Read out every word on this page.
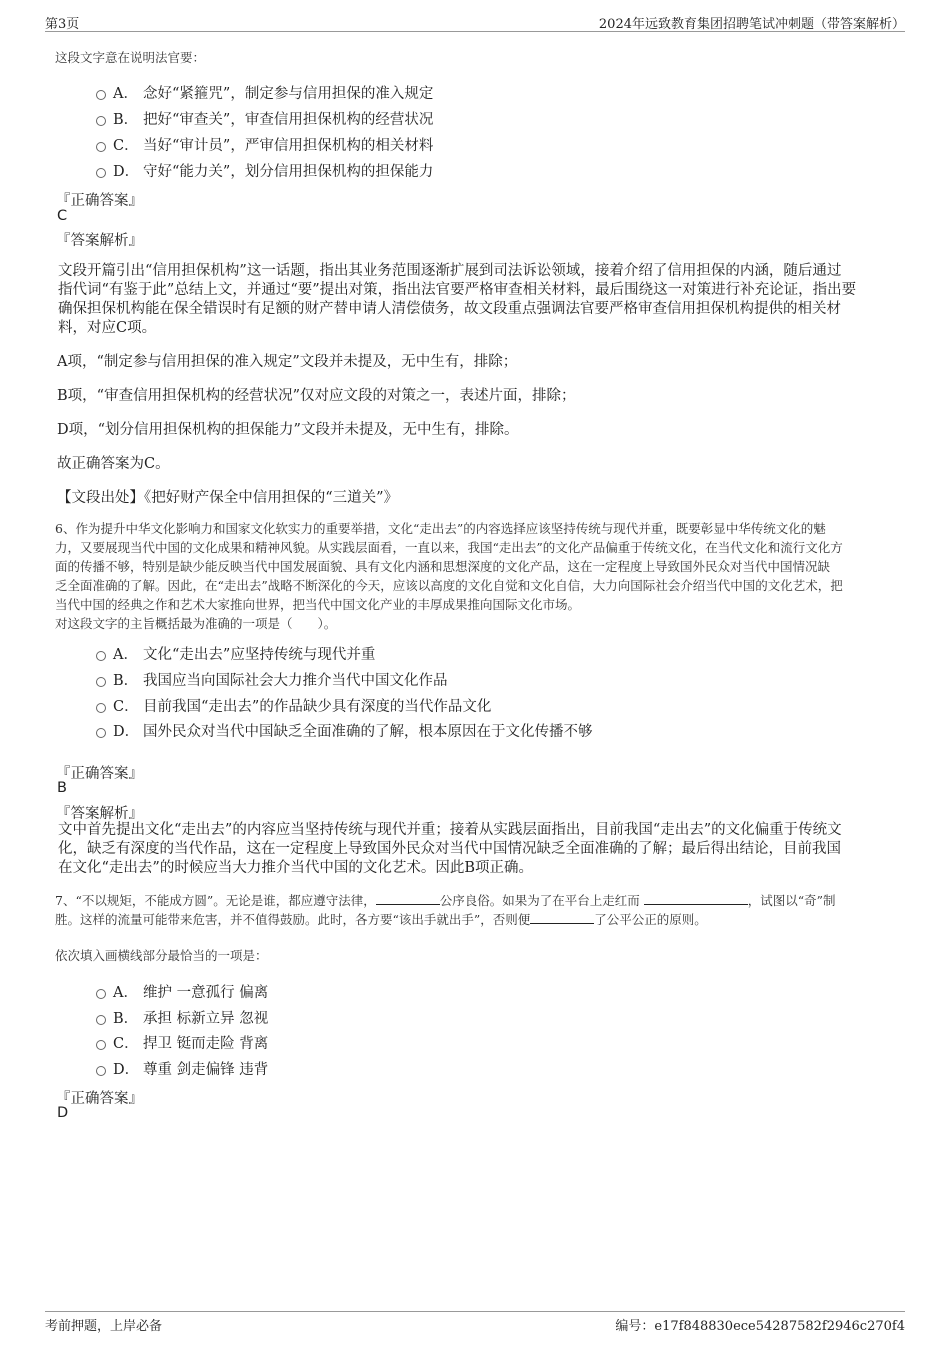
第3页	2024年远致教育集团招聘笔试冲刺题（带答案解析）
这段文字意在说明法官要：
A． 念好“紧箍咒”，制定参与信用担保的准入规定
B． 把好“审查关”，审查信用担保机构的经营状况
C． 当好“审计员”，严审信用担保机构的相关材料
D． 守好“能力关”，划分信用担保机构的担保能力
『正确答案』
C
『答案解析』
文段开篇引出“信用担保机构”这一话题，指出其业务范围逐渐扩展到司法诉讼领域，接着介绍了信用担保的内涵，随后通过
指代词“有鉴于此”总结上文，并通过“要”提出对策，指出法官要严格审查相关材料，最后围绕这一对策进行补充论证，指出要
确保担保机构能在保全错误时有足额的财产替申请人清偿债务，故文段重点强调法官要严格审查信用担保机构提供的相关材
料，对应C项。
A项，“制定参与信用担保的准入规定”文段并未提及，无中生有，排除；
B项，“审查信用担保机构的经营状况”仅对应文段的对策之一，表述片面，排除；
D项，“划分信用担保机构的担保能力”文段并未提及，无中生有，排除。
故正确答案为C。
【文段出处】《把好财产保全中信用担保的“三道关”》
6、作为提升中华文化影响力和国家文化软实力的重要举措，文化“走出去”的内容选择应该坚持传统与现代并重，既要彰显中华传统文化的魅
力，又要展现当代中国的文化成果和精神风貌。从实践层面看，一直以来，我国“走出去”的文化产品偏重于传统文化，在当代文化和流行文化方
面的传播不够，特别是缺少能反映当代中国发展面貌、具有文化内涵和思想深度的文化产品，这在一定程度上导致国外民众对当代中国情况缺
乏全面准确的了解。因此，在“走出去”战略不断深化的今天，应该以高度的文化自觉和文化自信，大力向国际社会介绍当代中国的文化艺术，把
当代中国的经典之作和艺术大家推向世界，把当代中国文化产业的丰厚成果推向国际文化市场。
对这段文字的主旨概括最为准确的一项是（　　）。
A． 文化“走出去”应坚持传统与现代并重
B． 我国应当向国际社会大力推介当代中国文化作品
C． 目前我国“走出去”的作品缺少具有深度的当代作品文化
D． 国外民众对当代中国缺乏全面准确的了解，根本原因在于文化传播不够
『正确答案』
B
『答案解析』
文中首先提出文化“走出去”的内容应当坚持传统与现代并重；接着从实践层面指出，目前我国“走出去”的文化偏重于传统文
化，缺乏有深度的当代作品，这在一定程度上导致国外民众对当代中国情况缺乏全面准确的了解；最后得出结论，目前我国
在文化“走出去”的时候应当大力推介当代中国的文化艺术。因此B项正确。
7、“不以规矩，不能成方圆”。无论是谁，都应遵守法律，	公序良俗。如果为了在平台上走红而	，试图以“奇”制
胜。这样的流量可能带来危害，并不值得鼓励。此时，各方要“该出手就出手”，否则便	了公平公正的原则。
依次填入画横线部分最恰当的一项是：
A． 维护 一意孤行 偏离
B． 承担 标新立异 忽视
C． 捍卫 铤而走险 背离
D． 尊重 剑走偏锋 违背
『正确答案』
D
考前押题，上岸必备	编号：e17f848830ece54287582f2946c270f4
